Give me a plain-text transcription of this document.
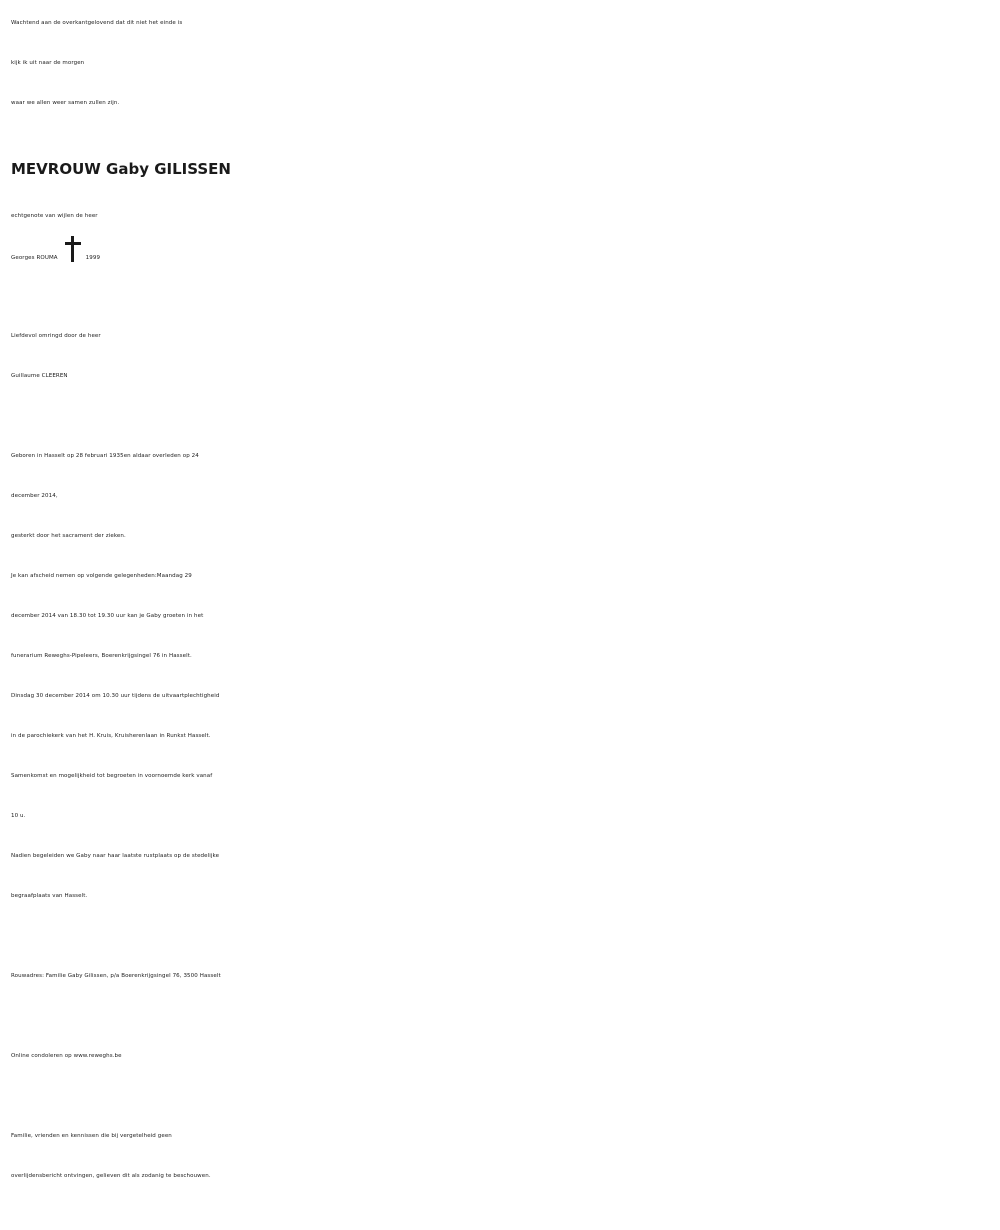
Wachtend aan de overkantgelovend dat dit niet het einde is
kijk ik uit naar de morgen
waar we allen weer samen zullen zijn.
MEVROUW Gaby GILISSEN
echtgenote van wijlen de heer
Georges ROUMA	1999
Liefdevol omringd door de heer
Guillaume CLEEREN
Geboren in Hasselt op 28 februari 1935en aldaar overleden op 24
december 2014,
gesterkt door het sacrament der zieken.
Je kan afscheid nemen op volgende gelegenheden:Maandag 29
december 2014 van 18.30 tot 19.30 uur kan je Gaby groeten in het
funerarium Reweghs-Pipeleers, Boerenkrijgsingel 76 in Hasselt.
Dinsdag 30 december 2014 om 10.30 uur tijdens de uitvaartplechtigheid
in de parochiekerk van het H. Kruis, Kruisherenlaan in Runkst Hasselt.
Samenkomst en mogelijkheid tot begroeten in voornoemde kerk vanaf
10 u.
Nadien begeleiden we Gaby naar haar laatste rustplaats op de stedelijke
begraafplaats van Hasselt.
Rouwadres: Familie Gaby Gilissen, p/a Boerenkrijgsingel 76, 3500 Hasselt
Online condoleren op www.reweghs.be
Familie, vrienden en kennissen die bij vergetelheid geen
overlijdensbericht ontvingen, gelieven dit als zodanig te beschouwen.
